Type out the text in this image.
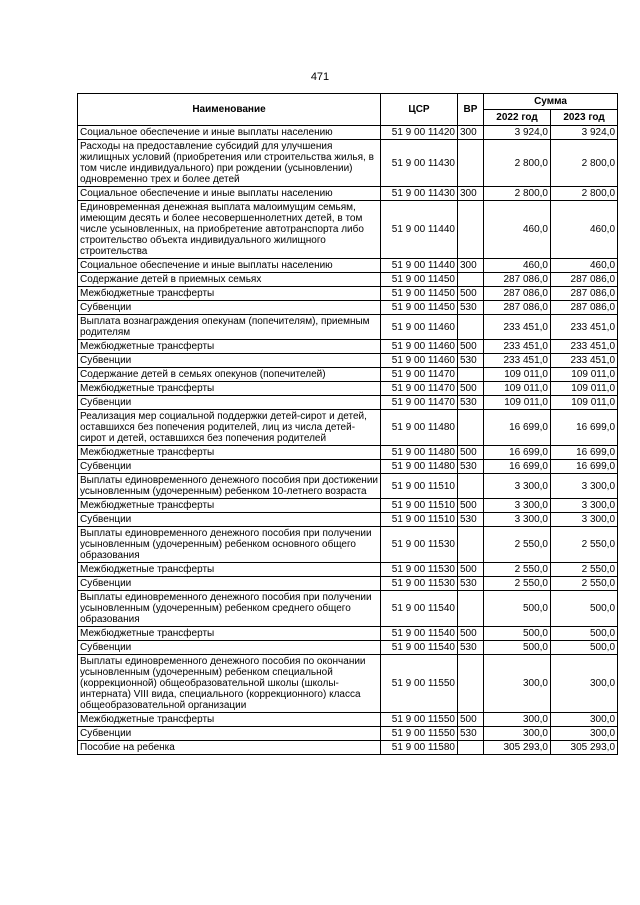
471
Наименование	ЦСР	ВР	Сумма	
			2022 год	2023 год
Социальное обеспечение и иные выплаты населению	51 9 00 11420	300	3 924,0	3 924,0
Расходы на предоставление субсидий для улучшения жилищных условий (приобретения или строительства жилья, в том числе индивидуального) при рождении (усыновлении) одновременно трех и более детей	51 9 00 11430		2 800,0	2 800,0
Социальное обеспечение и иные выплаты населению	51 9 00 11430	300	2 800,0	2 800,0
Единовременная денежная выплата малоимущим семьям, имеющим десять и более несовершеннолетних детей, в том числе усыновленных, на приобретение автотранспорта либо строительство объекта индивидуального жилищного строительства	51 9 00 11440		460,0	460,0
Социальное обеспечение и иные выплаты населению	51 9 00 11440	300	460,0	460,0
Содержание детей в приемных семьях	51 9 00 11450		287 086,0	287 086,0
Межбюджетные трансферты	51 9 00 11450	500	287 086,0	287 086,0
Субвенции	51 9 00 11450	530	287 086,0	287 086,0
Выплата вознаграждения опекунам (попечителям), приемным родителям	51 9 00 11460		233 451,0	233 451,0
Межбюджетные трансферты	51 9 00 11460	500	233 451,0	233 451,0
Субвенции	51 9 00 11460	530	233 451,0	233 451,0
Содержание детей в семьях опекунов (попечителей)	51 9 00 11470		109 011,0	109 011,0
Межбюджетные трансферты	51 9 00 11470	500	109 011,0	109 011,0
Субвенции	51 9 00 11470	530	109 011,0	109 011,0
Реализация мер социальной поддержки детей-сирот и детей, оставшихся без попечения родителей, лиц из числа детей-сирот и детей, оставшихся без попечения родителей	51 9 00 11480		16 699,0	16 699,0
Межбюджетные трансферты	51 9 00 11480	500	16 699,0	16 699,0
Субвенции	51 9 00 11480	530	16 699,0	16 699,0
Выплаты единовременного денежного пособия при достижении усыновленным (удочеренным) ребенком 10-летнего возраста	51 9 00 11510		3 300,0	3 300,0
Межбюджетные трансферты	51 9 00 11510	500	3 300,0	3 300,0
Субвенции	51 9 00 11510	530	3 300,0	3 300,0
Выплаты единовременного денежного пособия при получении усыновленным (удочеренным) ребенком основного общего образования	51 9 00 11530		2 550,0	2 550,0
Межбюджетные трансферты	51 9 00 11530	500	2 550,0	2 550,0
Субвенции	51 9 00 11530	530	2 550,0	2 550,0
Выплаты единовременного денежного пособия при получении усыновленным (удочеренным) ребенком среднего общего образования	51 9 00 11540		500,0	500,0
Межбюджетные трансферты	51 9 00 11540	500	500,0	500,0
Субвенции	51 9 00 11540	530	500,0	500,0
Выплаты единовременного денежного пособия по окончании усыновленным (удочеренным) ребенком специальной (коррекционной) общеобразовательной школы (школы-интерната) VIII вида, специального (коррекционного) класса общеобразовательной организации	51 9 00 11550		300,0	300,0
Межбюджетные трансферты	51 9 00 11550	500	300,0	300,0
Субвенции	51 9 00 11550	530	300,0	300,0
Пособие на ребенка	51 9 00 11580		305 293,0	305 293,0
